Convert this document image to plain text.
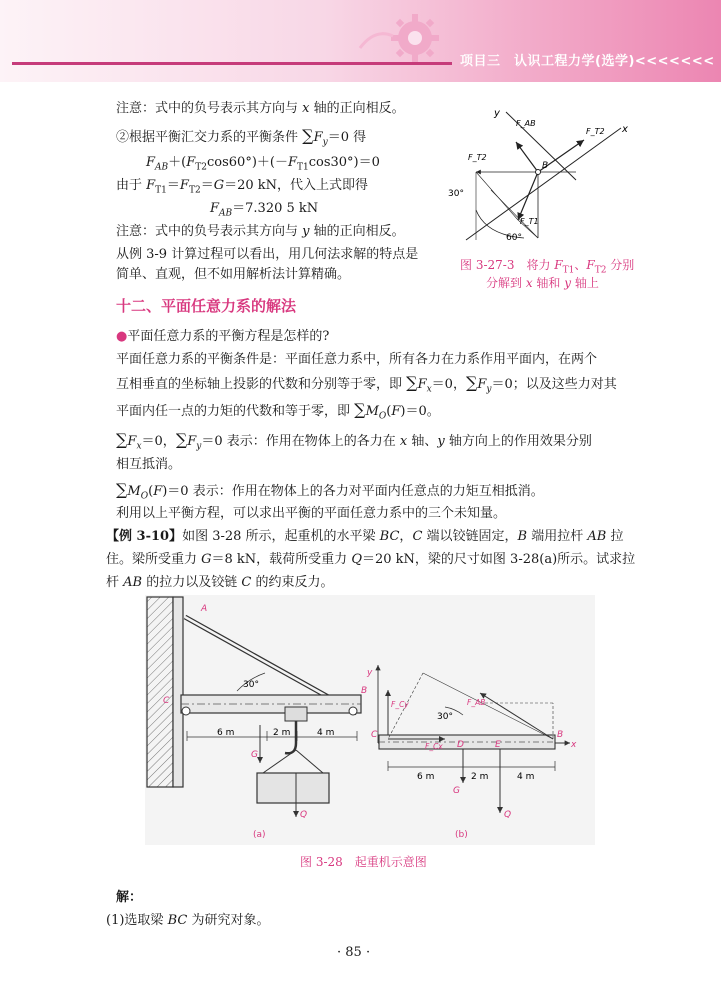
项目三　认识工程力学(选学)<<<<<<<
注意：式中的负号表示其方向与 x 轴的正向相反。
②根据平衡汇交力系的平衡条件 $\sum F_y=0$ 得
$F_{AB}+(F_{T2}\cos 60^\circ)+(-F_{T1}\cos 30^\circ)=0$
由于 $F_{T1}=F_{T2}=G=20$ kN，代入上式即得
$F_{AB}=7.320$ 5 kN
注意：式中的负号表示其方向与 y 轴的正向相反。
从例 3-9 计算过程可以看出，用几何法求解的特点是
简单、直观，但不如用解析法计算精确。
y
x
F_AB
F_T2
F_T2
F_T1
B
30°
60°
图 3-27-3　将力 $F_{T1}$、$F_{T2}$ 分别
分解到 x 轴和 y 轴上
十二、平面任意力系的解法
●平面任意力系的平衡方程是怎样的?
平面任意力系的平衡条件是：平面任意力系中，所有各力在力系作用平面内，在两个
互相垂直的坐标轴上投影的代数和分别等于零，即 $\sum F_x=0$，$\sum F_y=0$；以及这些力对其
平面内任一点的力矩的代数和等于零，即 $\sum M_O(F)=0$。
$\sum F_x=0$，$\sum F_y=0$ 表示：作用在物体上的各力在 x 轴、y 轴方向上的作用效果分别
相互抵消。
$\sum M_O(F)=0$ 表示：作用在物体上的各力对平面内任意点的力矩互相抵消。
利用以上平衡方程，可以求出平衡的平面任意力系中的三个未知量。
【例 3-10】如图 3-28 所示，起重机的水平梁 BC，C 端以铰链固定，B 端用拉杆 AB 拉
住。梁所受重力 G＝8 kN，载荷所受重力 Q＝20 kN，梁的尺寸如图 3-28(a)所示。试求拉
杆 AB 的拉力以及铰链 C 的约束反力。
A
B
C
30°
6 m	2 m	4 m
G
Q
(a)
y
x
F_Cy
F_Cx
F_AB
30°
C
D	E
B
6 m	2 m	4 m
G
Q
(b)
图 3-28　起重机示意图
解：
(1)选取梁 BC 为研究对象。
· 85 ·
